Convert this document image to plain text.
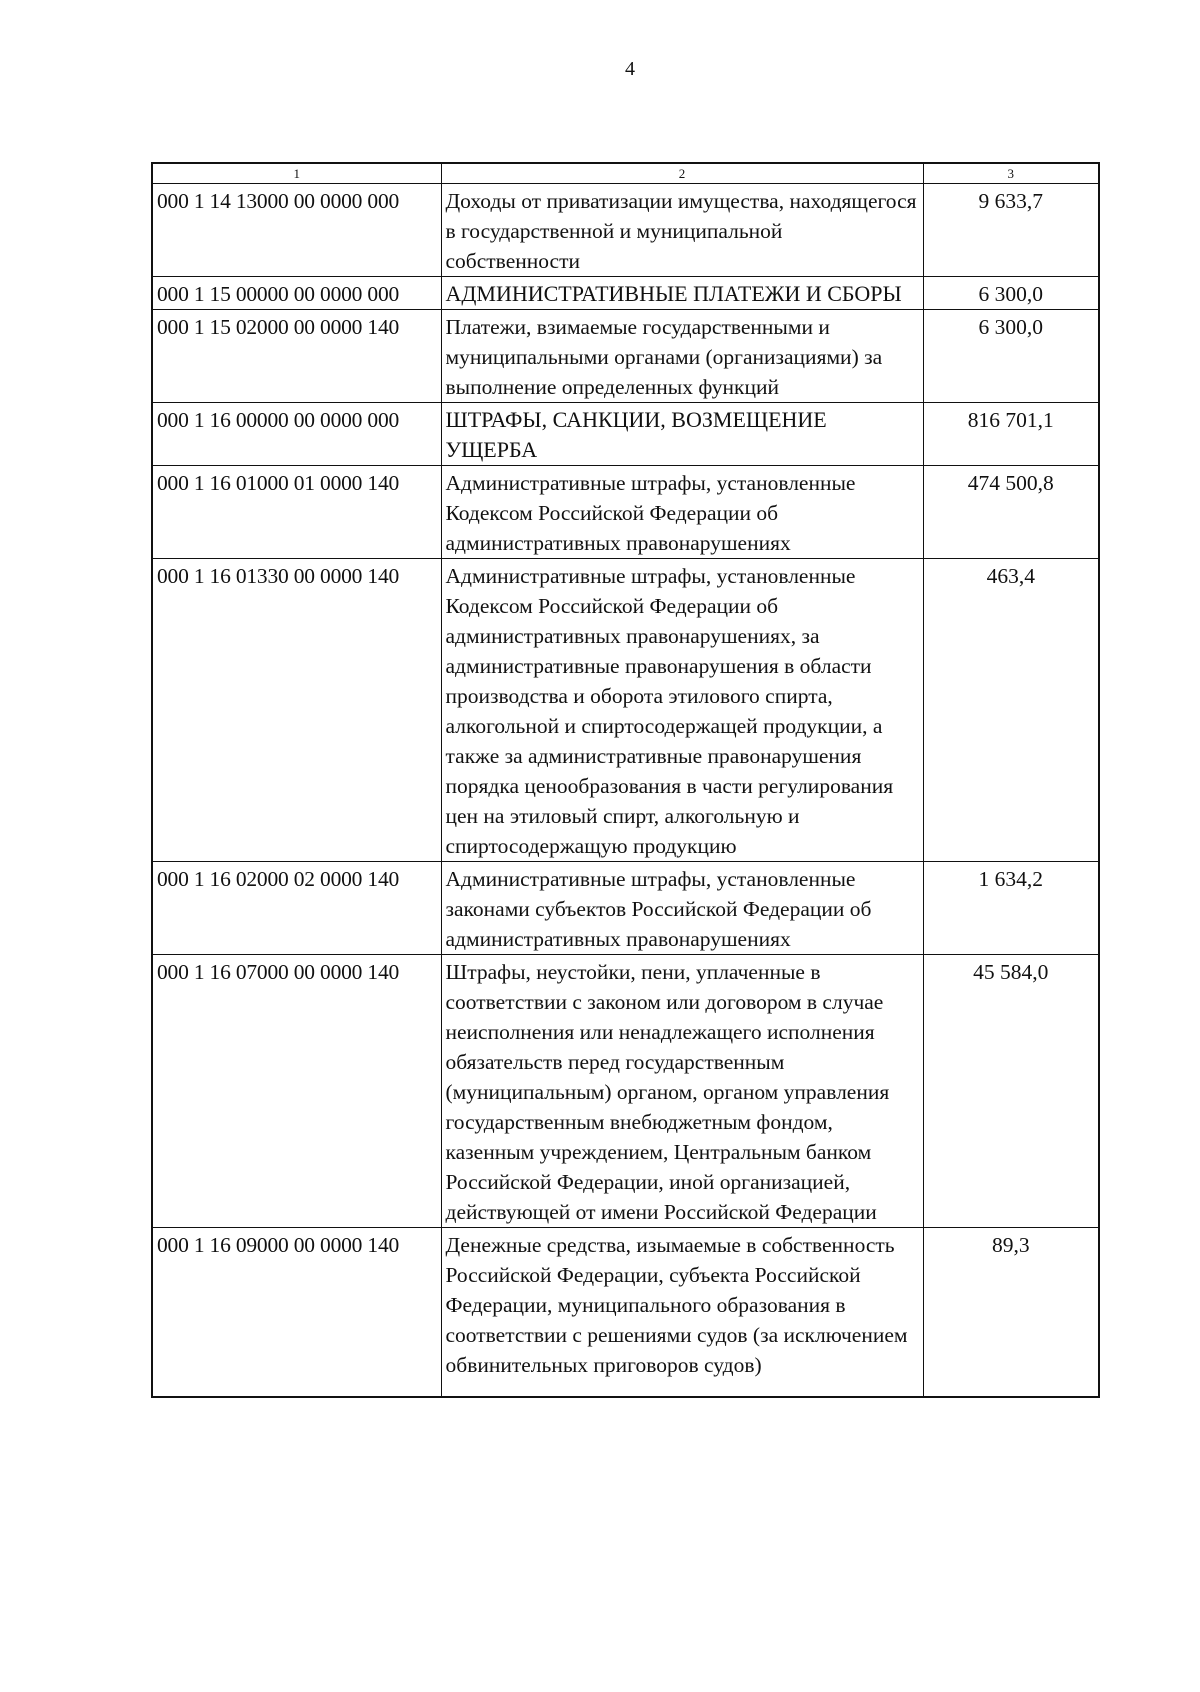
4
1	2	3
000 1 14 13000 00 0000 000	Доходы от приватизации имущества, находящегося в государственной и муниципальной собственности	9 633,7
000 1 15 00000 00 0000 000	АДМИНИСТРАТИВНЫЕ ПЛАТЕЖИ И СБОРЫ	6 300,0
000 1 15 02000 00 0000 140	Платежи, взимаемые государственными и муниципальными органами (организациями) за выполнение определенных функций	6 300,0
000 1 16 00000 00 0000 000	ШТРАФЫ, САНКЦИИ, ВОЗМЕЩЕНИЕ УЩЕРБА	816 701,1
000 1 16 01000 01 0000 140	Административные штрафы, установленные Кодексом Российской Федерации об административных правонарушениях	474 500,8
000 1 16 01330 00 0000 140	Административные штрафы, установленные Кодексом Российской Федерации об административных правонарушениях, за административные правонарушения в области производства и оборота этилового спирта, алкогольной и спиртосодержащей продукции, а также за административные правонарушения порядка ценообразования в части регулирования цен на этиловый спирт, алкогольную и спиртосодержащую продукцию	463,4
000 1 16 02000 02 0000 140	Административные штрафы, установленные законами субъектов Российской Федерации об административных правонарушениях	1 634,2
000 1 16 07000 00 0000 140	Штрафы, неустойки, пени, уплаченные в соответствии с законом или договором в случае неисполнения или ненадлежащего исполнения обязательств перед государственным (муниципальным) органом, органом управления государственным внебюджетным фондом, казенным учреждением, Центральным банком Российской Федерации, иной организацией, действующей от имени Российской Федерации	45 584,0
000 1 16 09000 00 0000 140	Денежные средства, изымаемые в собственность Российской Федерации, субъекта Российской Федерации, муниципального образования в соответствии с решениями судов (за исключением обвинительных приговоров судов)	89,3
